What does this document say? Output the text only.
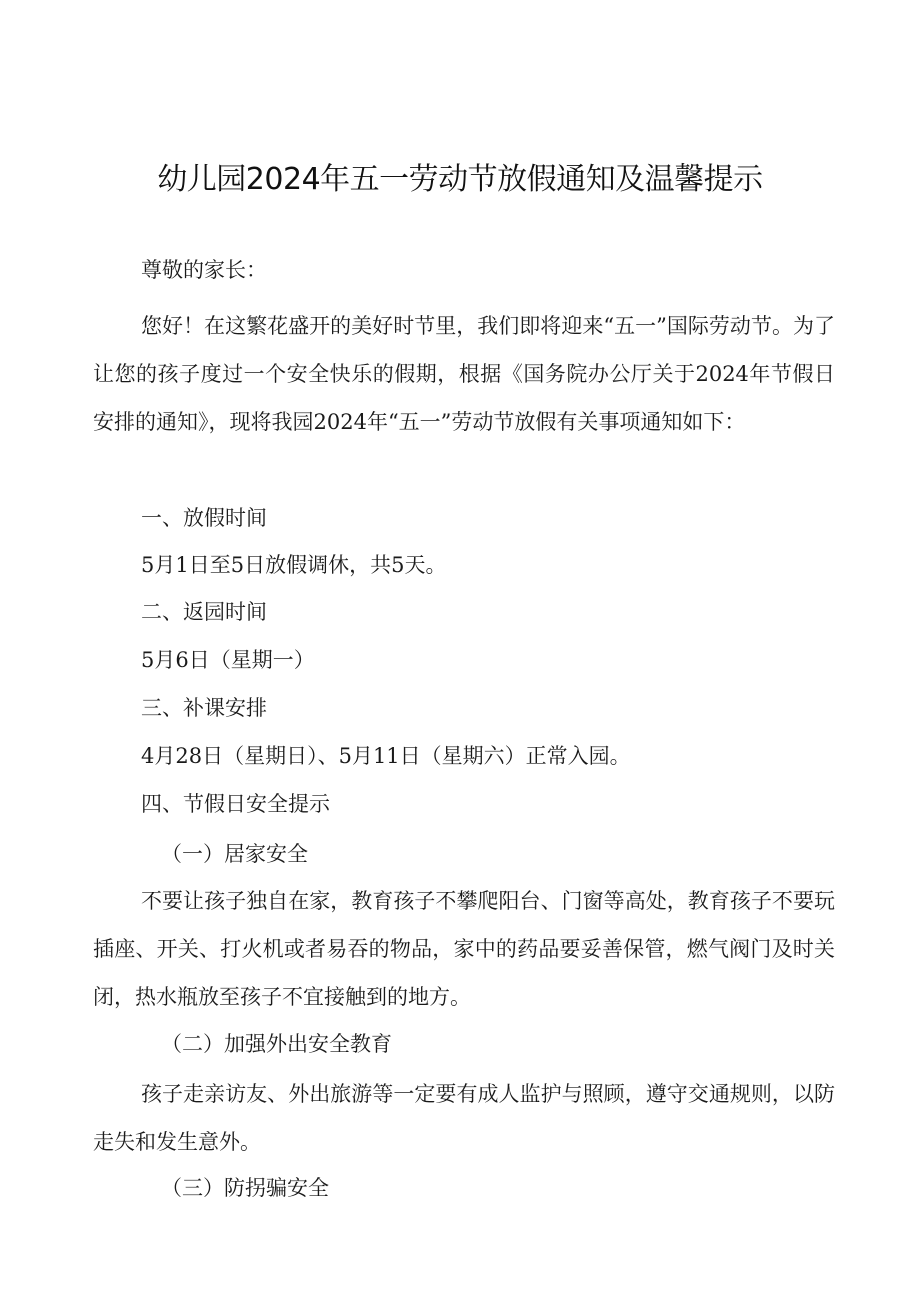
幼儿园2024年五一劳动节放假通知及温馨提示

尊敬的家长：

您好！在这繁花盛开的美好时节里，我们即将迎来“五一”国际劳动节。为了让您的孩子度过一个安全快乐的假期，根据《国务院办公厅关于2024年节假日安排的通知》，现将我园2024年“五一”劳动节放假有关事项通知如下：

一、放假时间

5月1日至5日放假调休，共5天。

二、返园时间

5月6日（星期一）

三、补课安排

4月28日（星期日）、5月11日（星期六）正常入园。

四、节假日安全提示

（一）居家安全

不要让孩子独自在家，教育孩子不攀爬阳台、门窗等高处，教育孩子不要玩插座、开关、打火机或者易吞的物品，家中的药品要妥善保管，燃气阀门及时关闭，热水瓶放至孩子不宜接触到的地方。

（二）加强外出安全教育

孩子走亲访友、外出旅游等一定要有成人监护与照顾，遵守交通规则，以防走失和发生意外。

（三）防拐骗安全
